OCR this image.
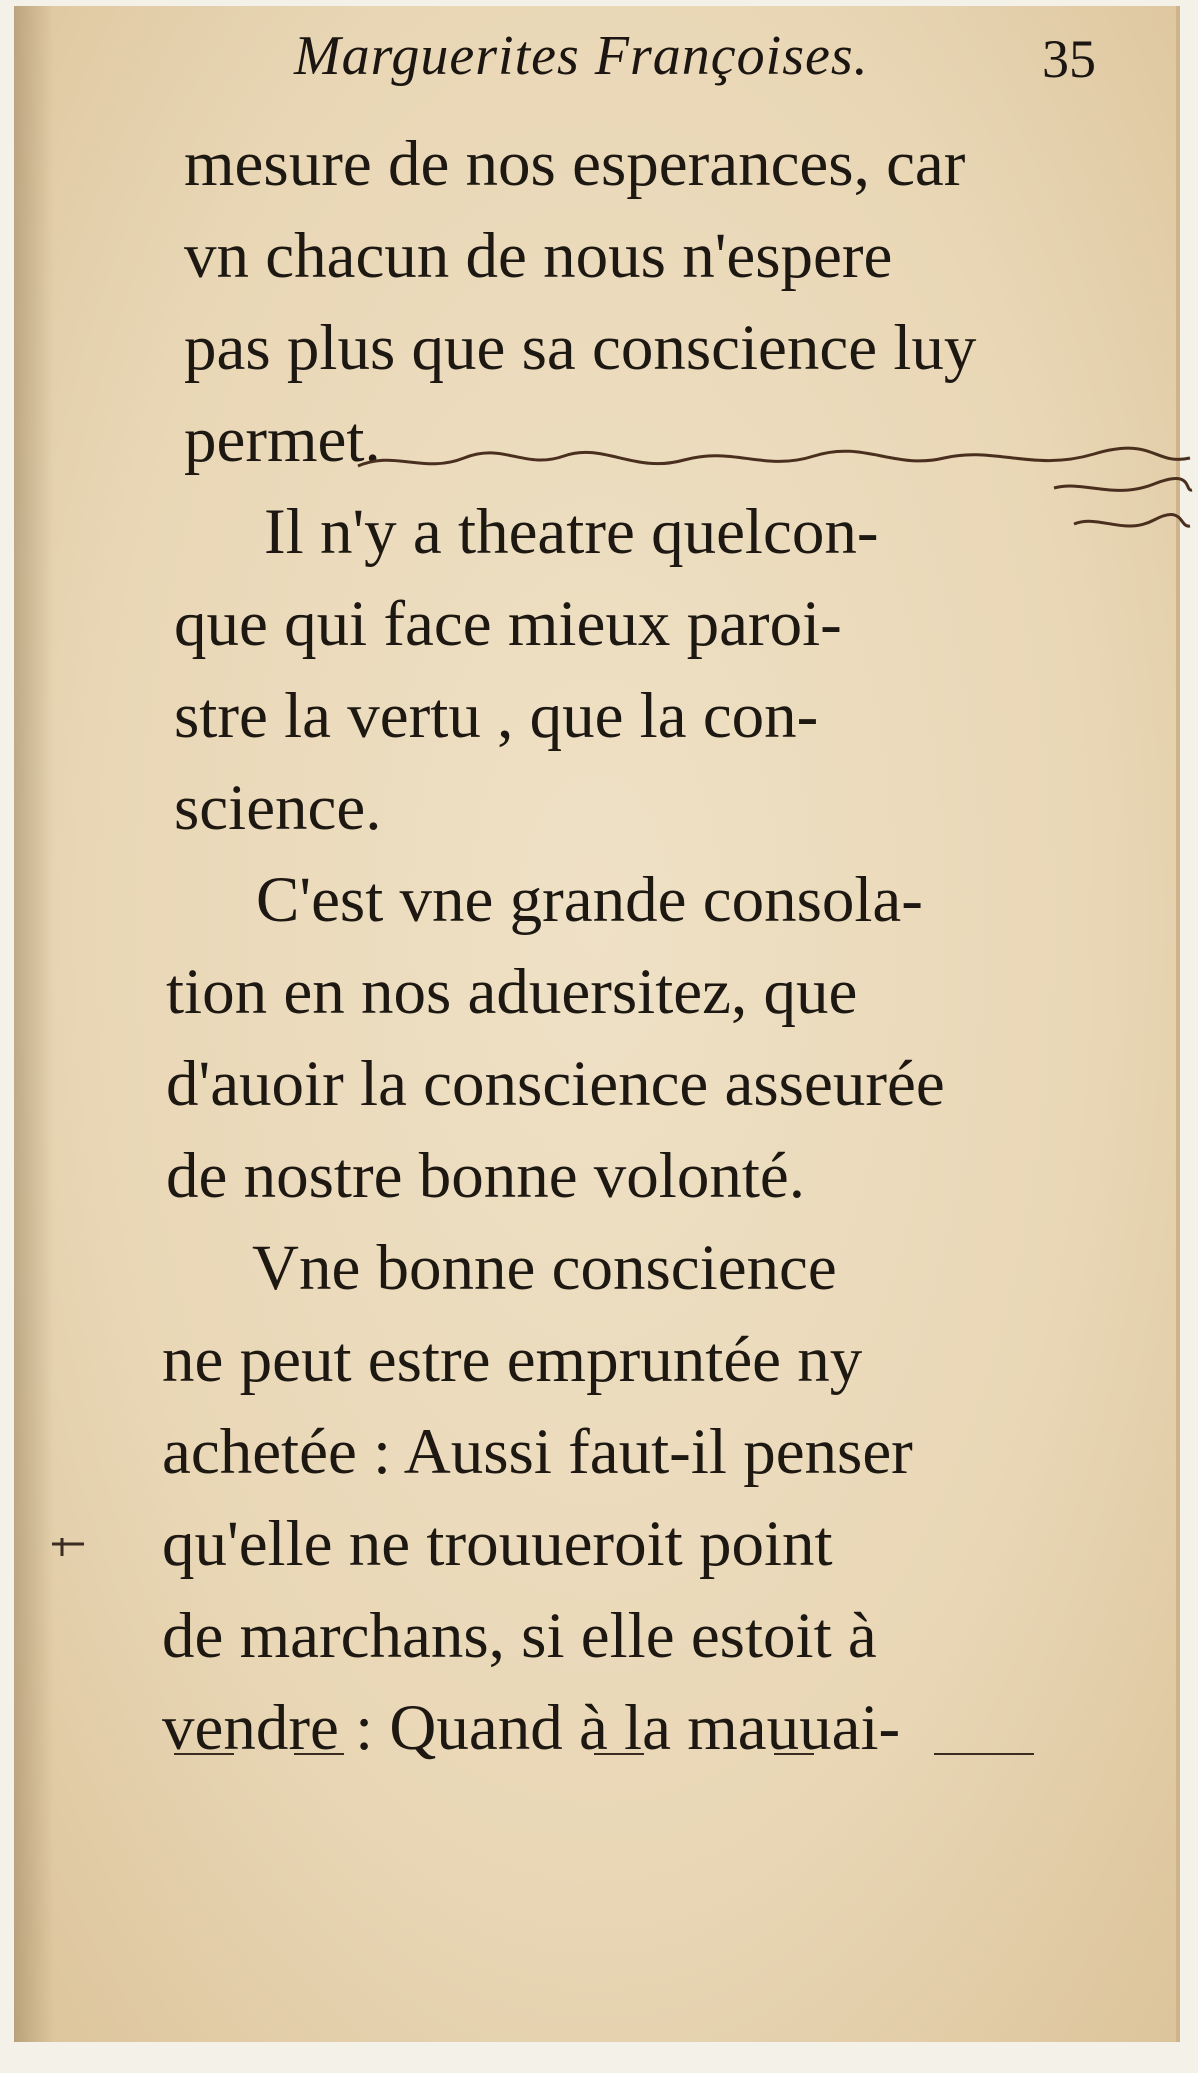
Marguerites Françoises.	35
mesure de nos esperances, car
vn chacun de nous n'espere
pas plus que sa conscience luy
permet.
Il n'y a theatre quelcon-
que qui face mieux paroi-
stre la vertu , que la con-
science.
C'est vne grande consola-
tion en nos aduersitez, que
d'auoir la conscience asseurée
de nostre bonne volonté.
Vne bonne conscience
ne peut estre empruntée ny
achetée : Aussi faut-il penser
qu'elle ne trouueroit point
de marchans, si elle estoit à
vendre : Quand à la mauuai-
